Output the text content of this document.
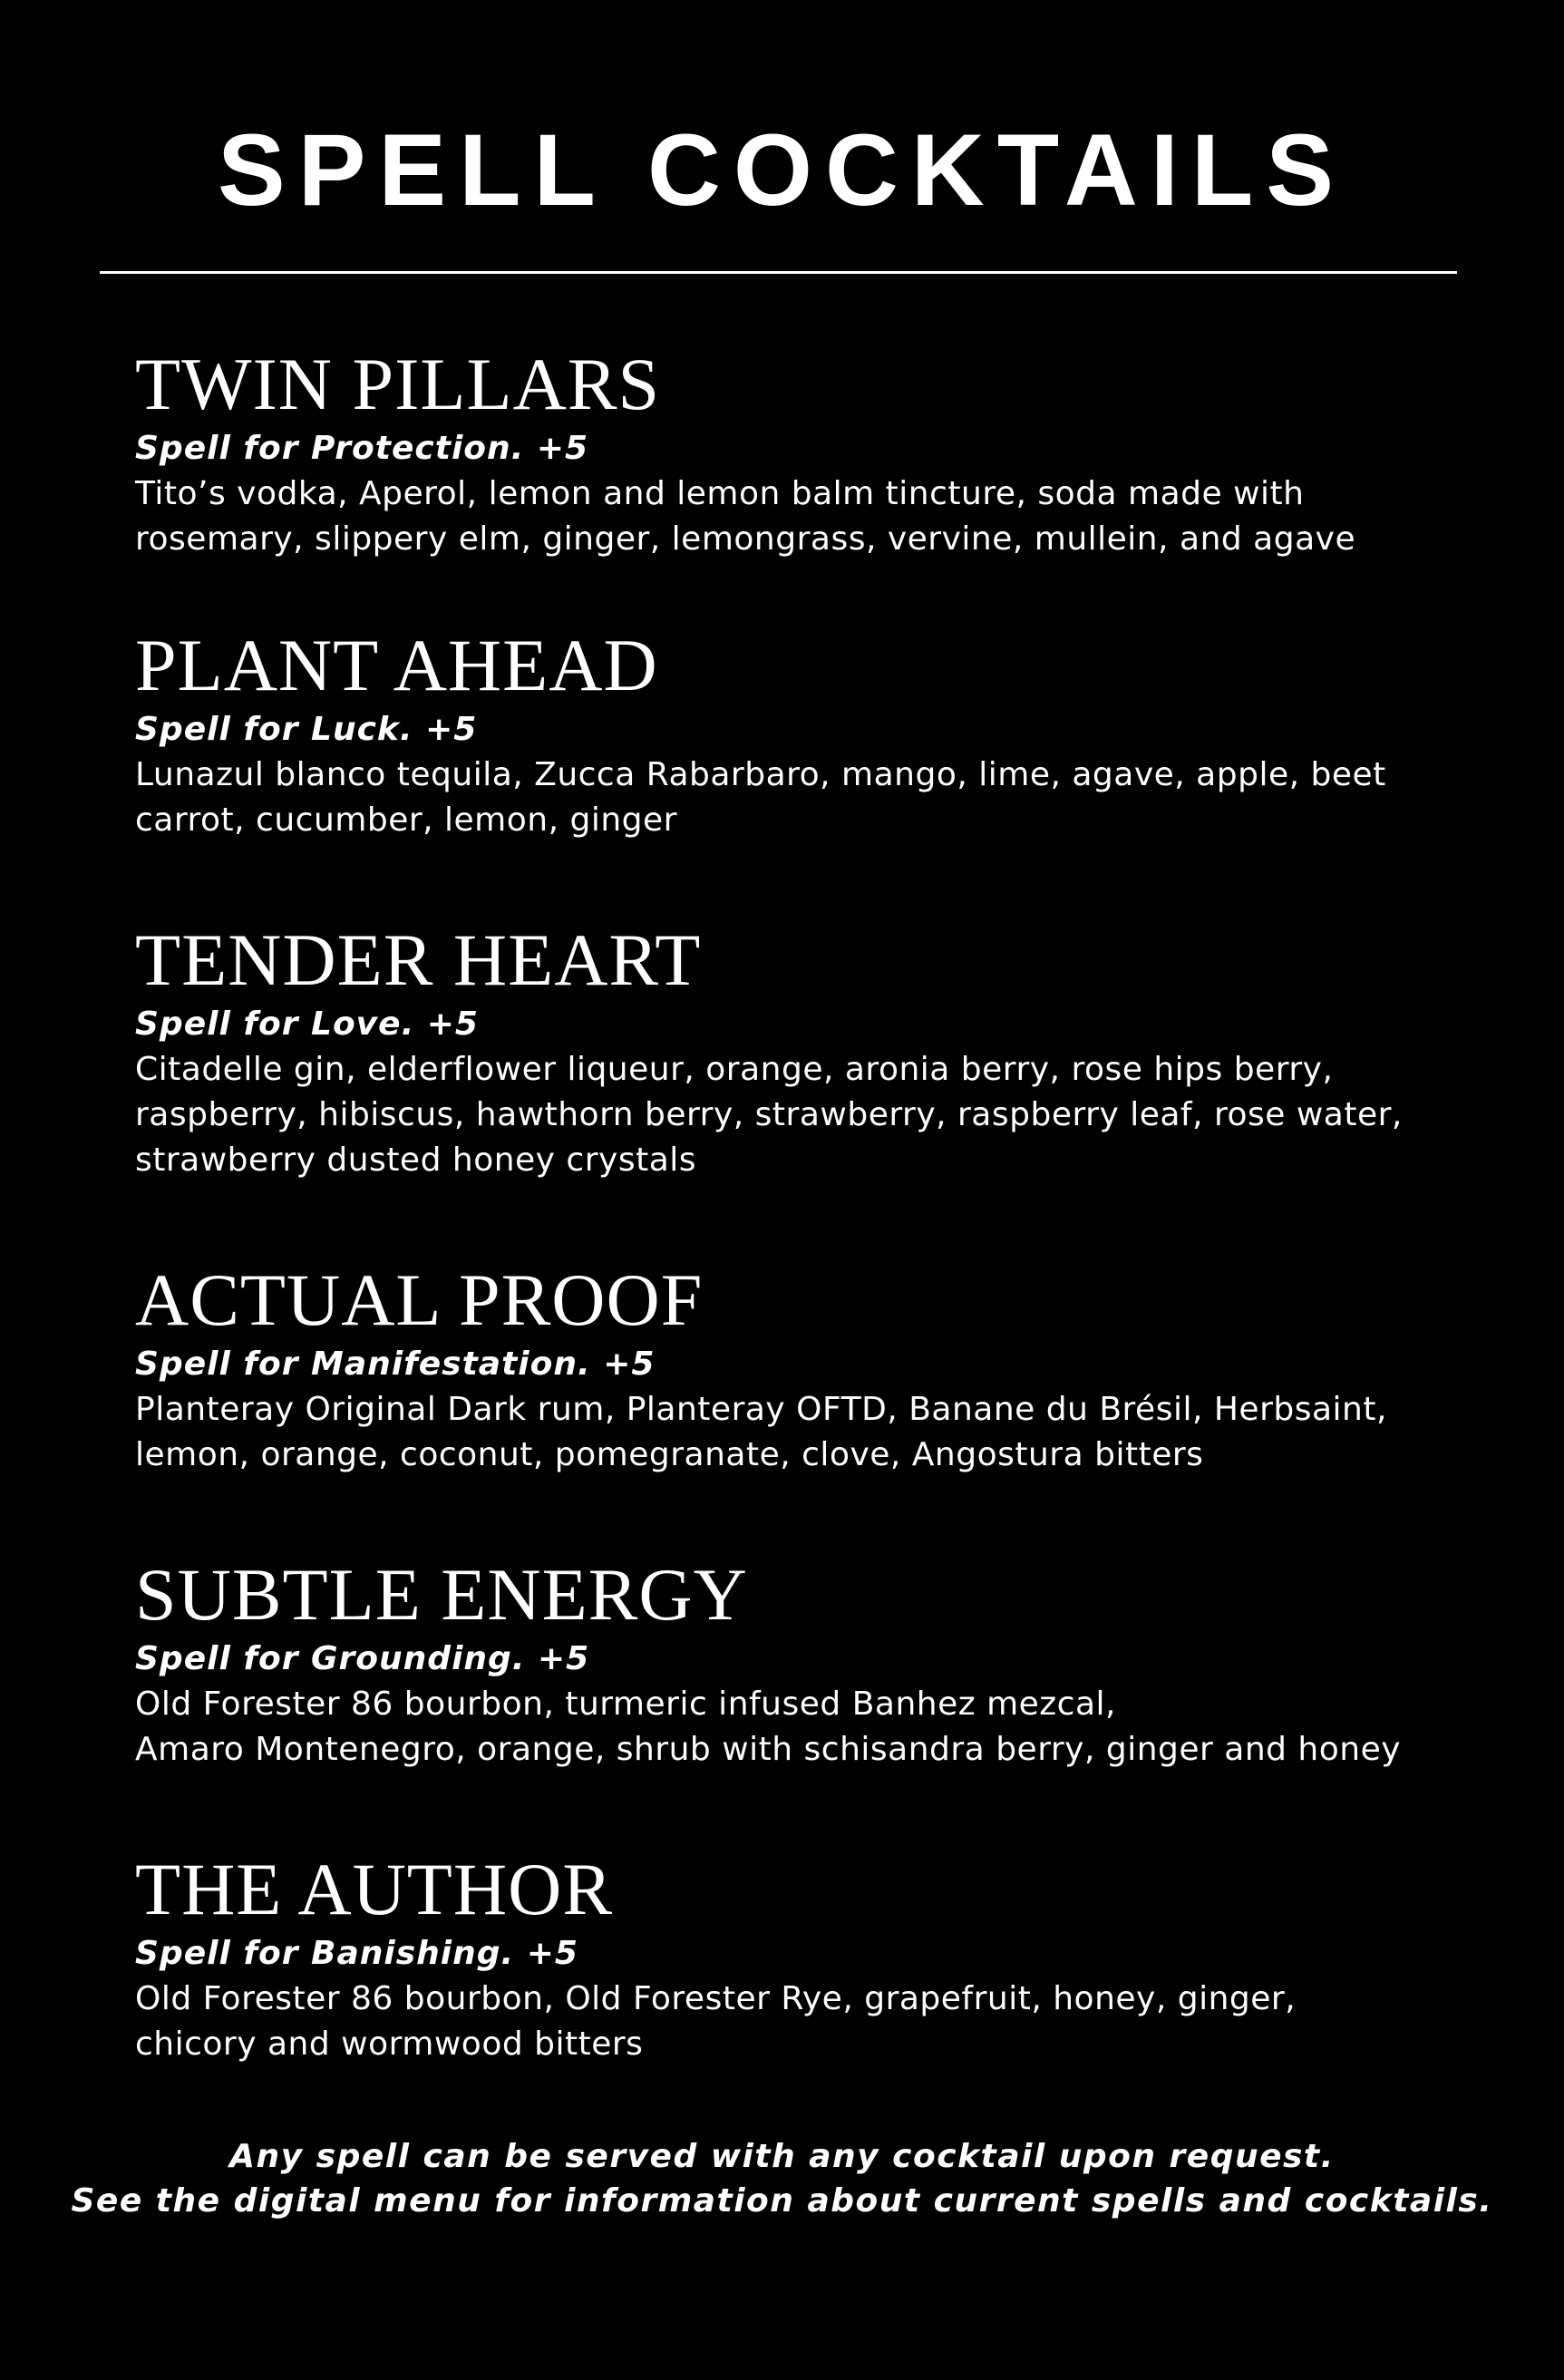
SPELL COCKTAILS
TWIN PILLARS
Spell for Protection. +5
Tito’s vodka, Aperol, lemon and lemon balm tincture, soda made with
rosemary, slippery elm, ginger, lemongrass, vervine, mullein, and agave
PLANT AHEAD
Spell for Luck. +5
Lunazul blanco tequila, Zucca Rabarbaro, mango, lime, agave, apple, beet
carrot, cucumber, lemon, ginger
TENDER HEART
Spell for Love. +5
Citadelle gin, elderflower liqueur, orange, aronia berry, rose hips berry,
raspberry, hibiscus, hawthorn berry, strawberry, raspberry leaf, rose water,
strawberry dusted honey crystals
ACTUAL PROOF
Spell for Manifestation. +5
Planteray Original Dark rum, Planteray OFTD, Banane du Brésil, Herbsaint,
lemon, orange, coconut, pomegranate, clove, Angostura bitters
SUBTLE ENERGY
Spell for Grounding. +5
Old Forester 86 bourbon, turmeric infused Banhez mezcal,
Amaro Montenegro, orange, shrub with schisandra berry, ginger and honey
THE AUTHOR
Spell for Banishing. +5
Old Forester 86 bourbon, Old Forester Rye, grapefruit, honey, ginger,
chicory and wormwood bitters
Any spell can be served with any cocktail upon request.
See the digital menu for information about current spells and cocktails.
